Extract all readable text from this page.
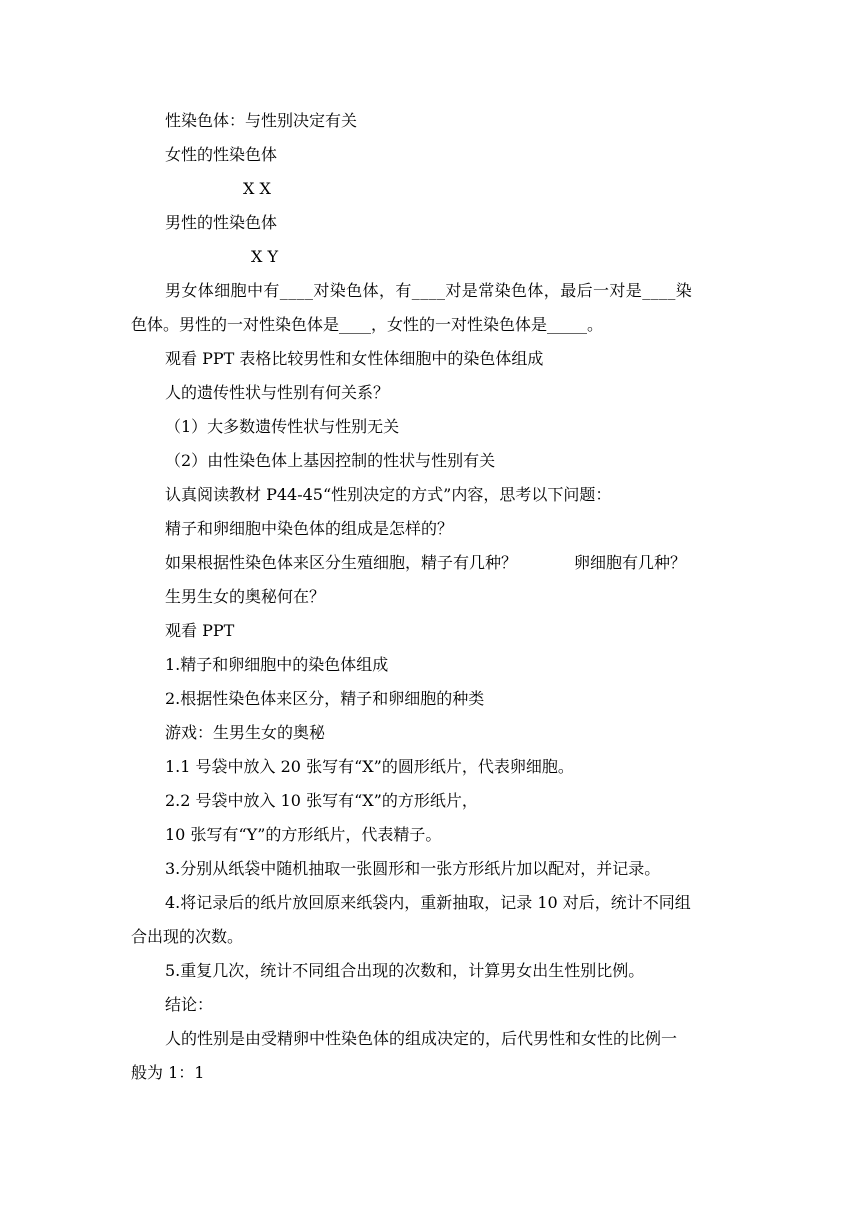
性染色体：与性别决定有关
女性的性染色体
X X
男性的性染色体
X Y
男女体细胞中有____对染色体，有____对是常染色体，最后一对是____染
色体。男性的一对性染色体是____，女性的一对性染色体是_____。
观看 PPT 表格比较男性和女性体细胞中的染色体组成
人的遗传性状与性别有何关系？
（1）大多数遗传性状与性别无关
（2）由性染色体上基因控制的性状与性别有关
认真阅读教材 P44-45“性别决定的方式”内容，思考以下问题：
精子和卵细胞中染色体的组成是怎样的？
如果根据性染色体来区分生殖细胞，精子有几种？	卵细胞有几种？
生男生女的奥秘何在？
观看 PPT
1.精子和卵细胞中的染色体组成
2.根据性染色体来区分，精子和卵细胞的种类
游戏：生男生女的奥秘
1.1 号袋中放入 20 张写有“X”的圆形纸片，代表卵细胞。
2.2 号袋中放入 10 张写有“X”的方形纸片，
10 张写有“Y”的方形纸片，代表精子。
3.分别从纸袋中随机抽取一张圆形和一张方形纸片加以配对，并记录。
4.将记录后的纸片放回原来纸袋内，重新抽取，记录 10 对后，统计不同组
合出现的次数。
5.重复几次，统计不同组合出现的次数和，计算男女出生性别比例。
结论：
人的性别是由受精卵中性染色体的组成决定的，后代男性和女性的比例一
般为 1：1
